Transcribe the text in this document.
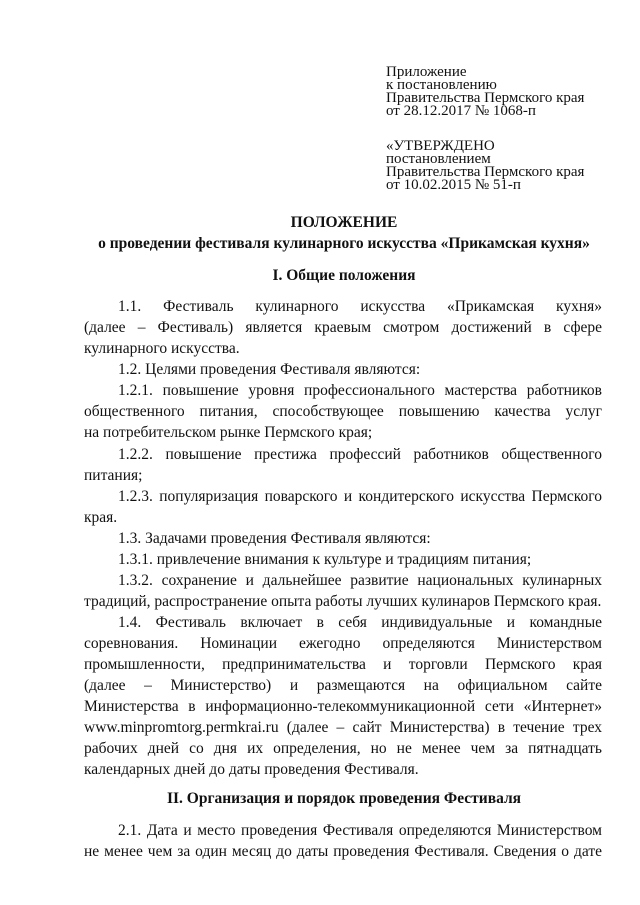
Приложение
к постановлению
Правительства Пермского края
от 28.12.2017 № 1068-п
«УТВЕРЖДЕНО
постановлением
Правительства Пермского края
от 10.02.2015 № 51-п
ПОЛОЖЕНИЕ
о проведении фестиваля кулинарного искусства «Прикамская кухня»
I. Общие положения
1.1. Фестиваль кулинарного искусства «Прикамская кухня»
(далее – Фестиваль) является краевым смотром достижений в сфере
кулинарного искусства.
1.2. Целями проведения Фестиваля являются:
1.2.1. повышение уровня профессионального мастерства работников
общественного питания, способствующее повышению качества услуг
на потребительском рынке Пермского края;
1.2.2. повышение престижа профессий работников общественного
питания;
1.2.3. популяризация поварского и кондитерского искусства Пермского
края.
1.3. Задачами проведения Фестиваля являются:
1.3.1. привлечение внимания к культуре и традициям питания;
1.3.2. сохранение и дальнейшее развитие национальных кулинарных
традиций, распространение опыта работы лучших кулинаров Пермского края.
1.4. Фестиваль включает в себя индивидуальные и командные
соревнования. Номинации ежегодно определяются Министерством
промышленности, предпринимательства и торговли Пермского края
(далее – Министерство) и размещаются на официальном сайте
Министерства в информационно-телекоммуникационной сети «Интернет»
www.minpromtorg.permkrai.ru (далее – сайт Министерства) в течение трех
рабочих дней со дня их определения, но не менее чем за пятнадцать
календарных дней до даты проведения Фестиваля.
II. Организация и порядок проведения Фестиваля
2.1. Дата и место проведения Фестиваля определяются Министерством
не менее чем за один месяц до даты проведения Фестиваля. Сведения о дате
